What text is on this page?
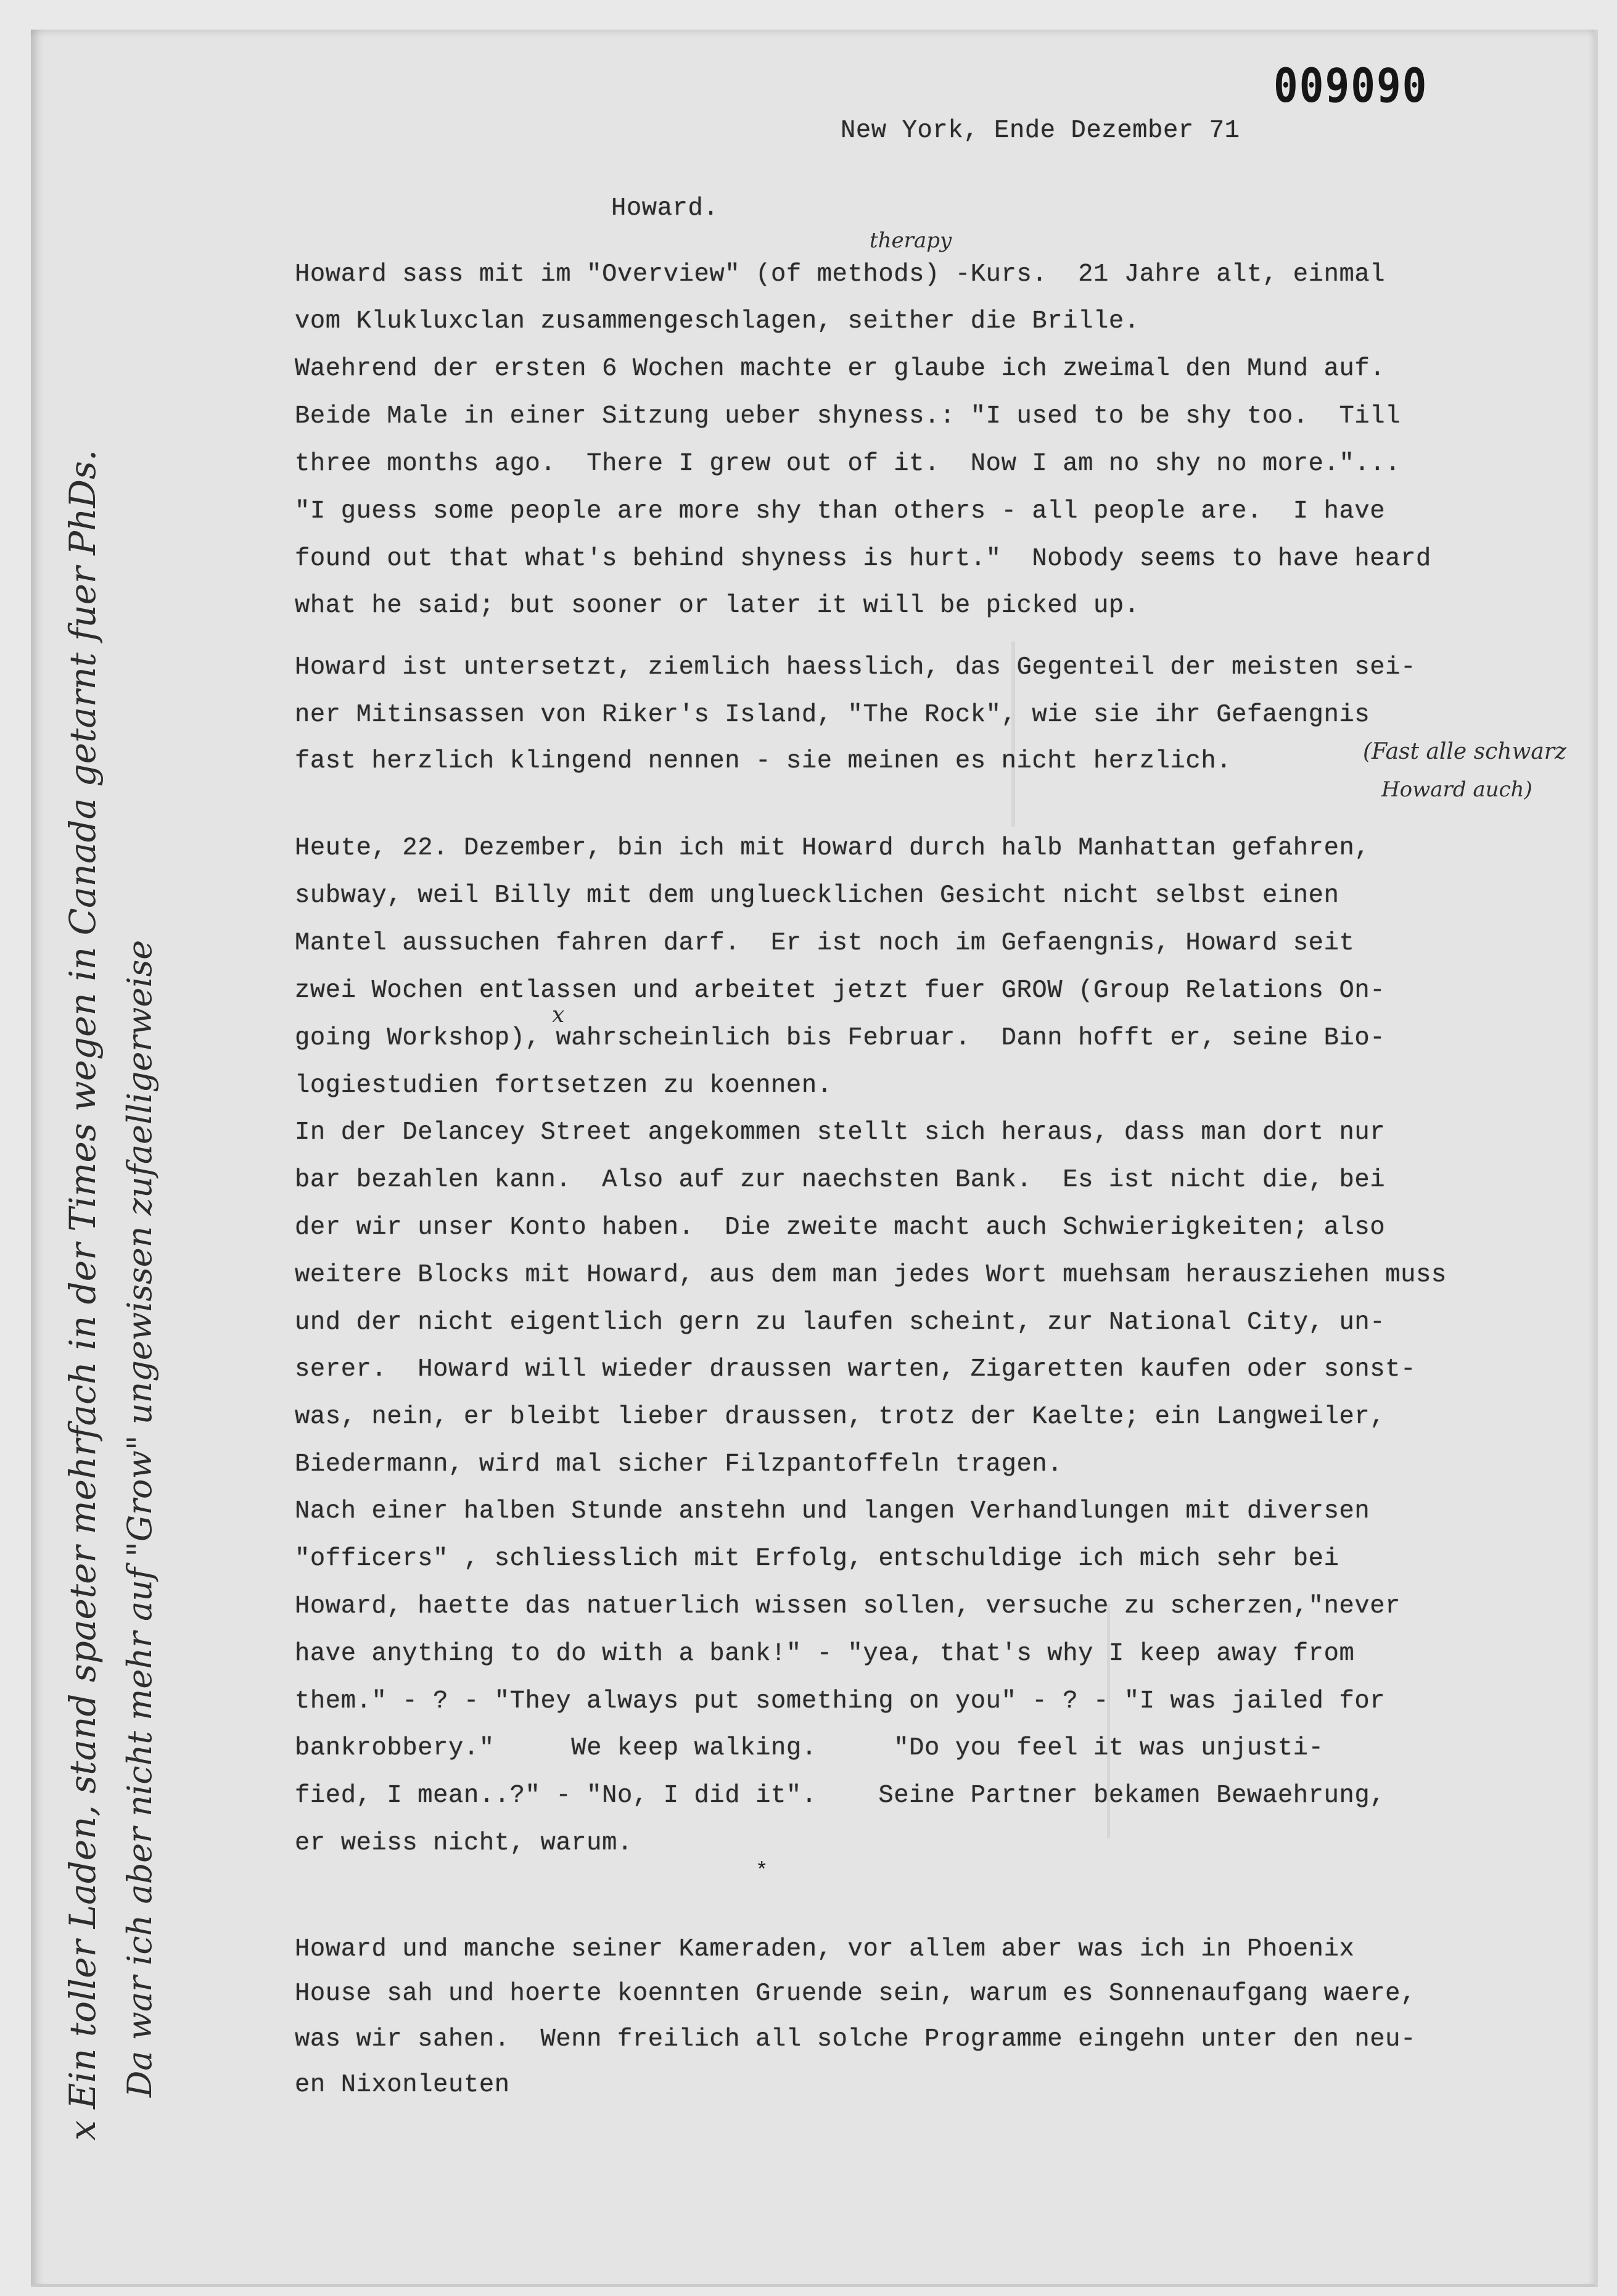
009090
New York, Ende Dezember 71
Howard.
therapy
Howard sass mit im "Overview" (of methods) -Kurs.  21 Jahre alt, einmal
vom Klukluxclan zusammengeschlagen, seither die Brille.
Waehrend der ersten 6 Wochen machte er glaube ich zweimal den Mund auf.
Beide Male in einer Sitzung ueber shyness.: "I used to be shy too.  Till
three months ago.  There I grew out of it.  Now I am no shy no more."...
"I guess some people are more shy than others - all people are.  I have
found out that what's behind shyness is hurt."  Nobody seems to have heard
what he said; but sooner or later it will be picked up.
Howard ist untersetzt, ziemlich haesslich, das Gegenteil der meisten sei-
ner Mitinsassen von Riker's Island, "The Rock", wie sie ihr Gefaengnis
fast herzlich klingend nennen - sie meinen es nicht herzlich.	(Fast alle schwarz
Howard auch)
Heute, 22. Dezember, bin ich mit Howard durch halb Manhattan gefahren,
subway, weil Billy mit dem ungluecklichen Gesicht nicht selbst einen
Mantel aussuchen fahren darf.  Er ist noch im Gefaengnis, Howard seit
zwei Wochen entlassen und arbeitet jetzt fuer GROW (Group Relations On-
going Workshop), wahrscheinlich bis Februar.  Dann hofft er, seine Bio-
x
logiestudien fortsetzen zu koennen.
In der Delancey Street angekommen stellt sich heraus, dass man dort nur
bar bezahlen kann.  Also auf zur naechsten Bank.  Es ist nicht die, bei
der wir unser Konto haben.  Die zweite macht auch Schwierigkeiten; also
weitere Blocks mit Howard, aus dem man jedes Wort muehsam herausziehen muss
und der nicht eigentlich gern zu laufen scheint, zur National City, un-
serer.  Howard will wieder draussen warten, Zigaretten kaufen oder sonst-
was, nein, er bleibt lieber draussen, trotz der Kaelte; ein Langweiler,
Biedermann, wird mal sicher Filzpantoffeln tragen.
Nach einer halben Stunde anstehn und langen Verhandlungen mit diversen
"officers" , schliesslich mit Erfolg, entschuldige ich mich sehr bei
Howard, haette das natuerlich wissen sollen, versuche zu scherzen,"never
have anything to do with a bank!" - "yea, that's why I keep away from
them." - ? - "They always put something on you" - ? - "I was jailed for
bankrobbery."     We keep walking.     "Do you feel it was unjusti-
fied, I mean..?" - "No, I did it".    Seine Partner bekamen Bewaehrung,
er weiss nicht, warum.
*
Howard und manche seiner Kameraden, vor allem aber was ich in Phoenix
House sah und hoerte koennten Gruende sein, warum es Sonnenaufgang waere,
was wir sahen.  Wenn freilich all solche Programme eingehn unter den neu-
en Nixonleuten
x Ein toller Laden, stand spaeter mehrfach in der Times wegen in Canada getarnt fuer PhDs. Da war ich aber nicht mehr auf "Grow" ungewissen zufaelligerweise
